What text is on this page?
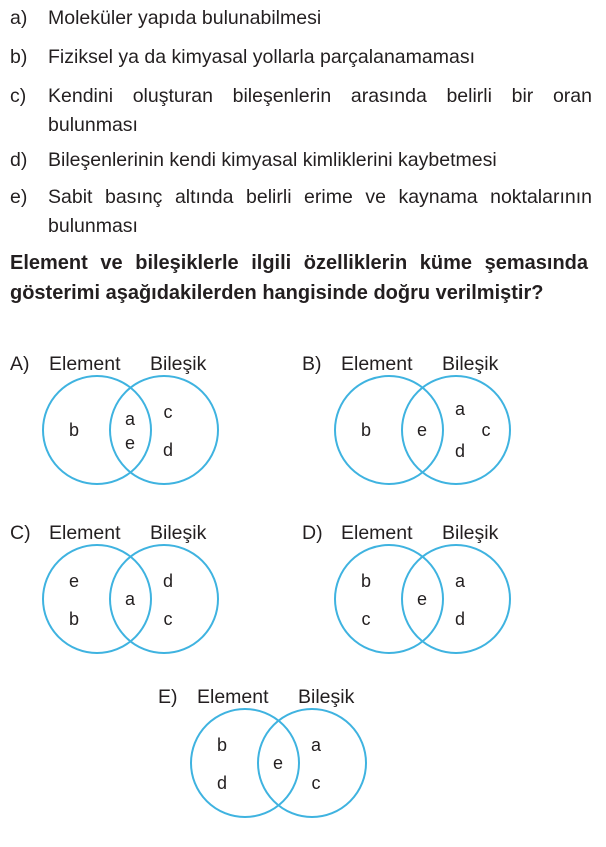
a) Moleküler yapıda bulunabilmesi
b) Fiziksel ya da kimyasal yollarla parçalanamaması
c) Kendini oluşturan bileşenlerin arasında belirli bir oran bulunması
d) Bileşenlerinin kendi kimyasal kimliklerini kaybetmesi
e) Sabit basınç altında belirli erime ve kaynama noktalarının bulunması
Element ve bileşiklerle ilgili özelliklerin küme şemasında gösterimi aşağıdakilerden hangisinde doğru verilmiştir?
A) Element Bileşik
b
a
e
c
d
B) Element Bileşik
b	e
a
c
d
C) Element Bileşik
e
b
a
d
c
D) Element Bileşik
b
c
e
a
d
E) Element Bileşik
b
d
e
a
c
